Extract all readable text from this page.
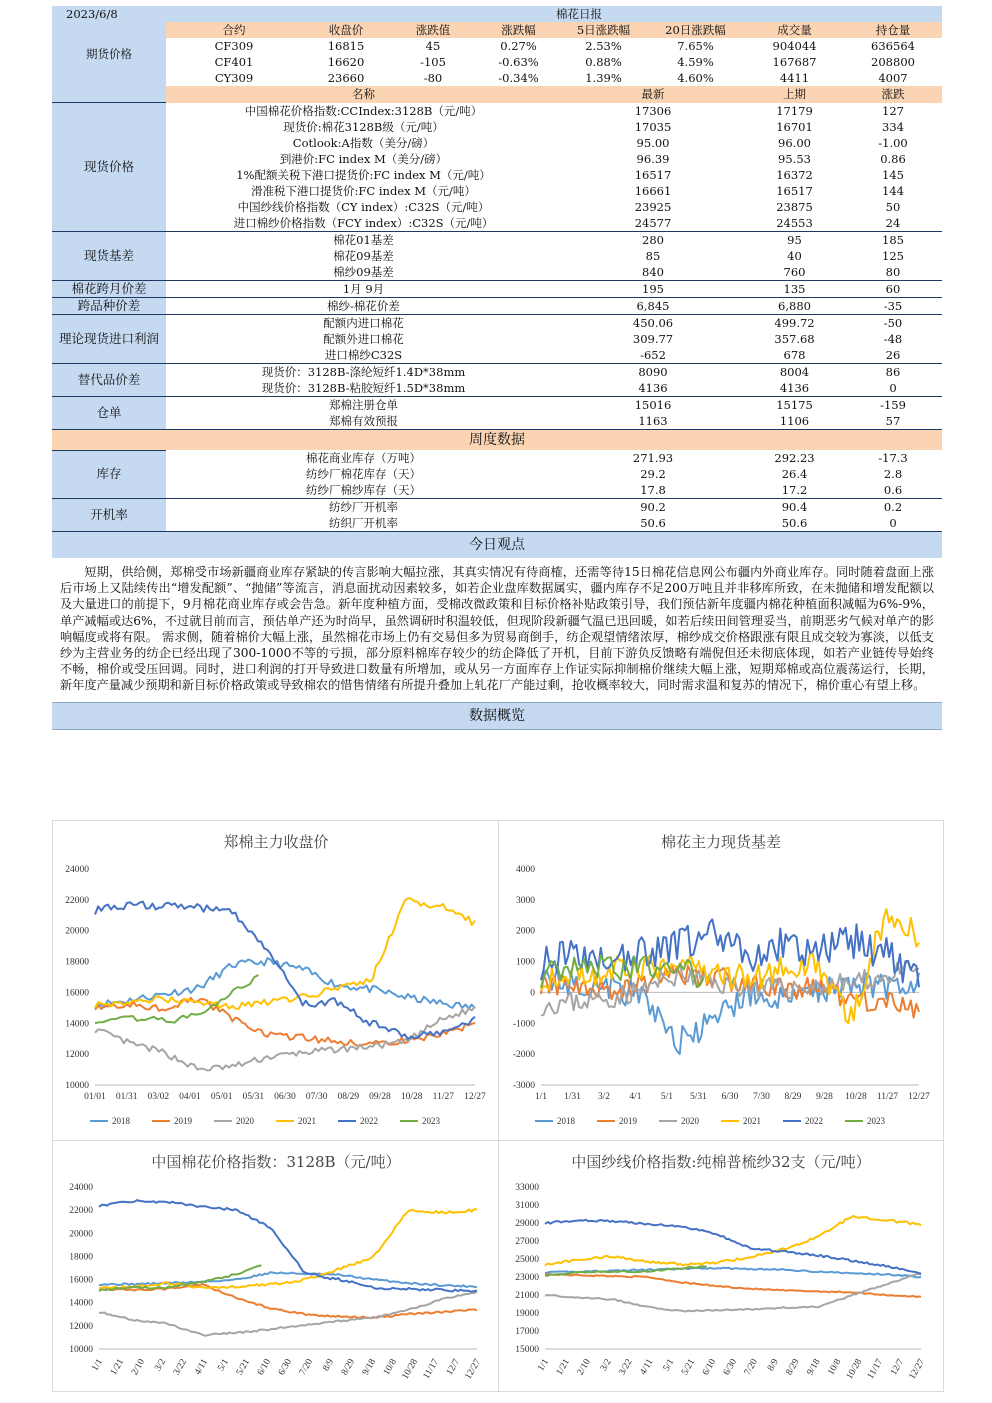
2023/6/8		棉花日报								
期货价格	合约		收盘价	涨跌值	涨跌幅	5日涨跌幅	20日涨跌幅	成交量	持仓量	
	CF309		16815	45	0.27%	2.53%	7.65%	904044	636564	
	CF401		16620	-105	-0.63%	0.88%	4.59%	167687	208800	
	CY309		23660	-80	-0.34%	1.39%	4.60%	4411	4007	
	名称					最新		上期	涨跌	
现货价格	中国棉花价格指数:CCIndex:3128B（元/吨）					17306		17179	127	
	现货价:棉花3128B级（元/吨）					17035		16701	334	
	Cotlook:A指数（美分/磅）					95.00		96.00	-1.00	
	到港价:FC index M（美分/磅）					96.39		95.53	0.86	
	1%配额关税下港口提货价:FC index M（元/吨）					16517		16372	145	
	滑准税下港口提货价:FC index M（元/吨）					16661		16517	144	
	中国纱线价格指数（CY index）:C32S（元/吨）					23925		23875	50	
	进口棉纱价格指数（FCY index）:C32S（元/吨）					24577		24553	24	
现货基差	棉花01基差					280		95	185	
	棉花09基差					85		40	125	
	棉纱09基差					840		760	80	
棉花跨月价差	1月 9月					195		135	60	
跨品种价差	棉纱-棉花价差					6,845		6,880	-35	
理论现货进口利润	配额内进口棉花					450.06		499.72	-50	
	配额外进口棉花					309.77		357.68	-48	
	进口棉纱C32S					-652		678	26	
替代品价差	现货价：3128B-涤纶短纤1.4D*38mm					8090		8004	86	
	现货价：3128B-粘胶短纤1.5D*38mm					4136		4136	0	
仓单	郑棉注册仓单					15016		15175	-159	
	郑棉有效预报					1163		1106	57	
周度数据										
库存	棉花商业库存（万吨）					271.93		292.23	-17.3	
	纺纱厂棉花库存（天）					29.2		26.4	2.8	
	纺纱厂棉纱库存（天）					17.8		17.2	0.6	
开机率	纺纱厂开机率					90.2		90.4	0.2	
	纺织厂开机率					50.6		50.6	0	
今日观点
短期，供给侧，郑棉受市场新疆商业库存紧缺的传言影响大幅拉涨，其真实情况有待商榷，还需等待15日棉花信息网公布疆内外商业库存。同时随着盘面上涨后市场上又陆续传出“增发配额”、“抛储”等流言，消息面扰动因素较多，如若企业盘库数据属实，疆内库存不足200万吨且并非移库所致，在未抛储和增发配额以及大量进口的前提下，9月棉花商业库存或会告急。新年度种植方面，受棉改微政策和目标价格补贴政策引导，我们预估新年度疆内棉花种植面积减幅为6%-9%，单产减幅或达6%，不过就目前而言，预估单产还为时尚早，虽然调研时积温较低，但现阶段新疆气温已迅回暖，如若后续田间管理妥当，前期恶劣气候对单产的影响幅度或将有限。 需求侧，随着棉价大幅上涨，虽然棉花市场上仍有交易但多为贸易商倒手，纺企观望情绪浓厚，棉纱成交价格跟涨有限且成交较为寡淡，以低支纱为主营业务的纺企已经出现了300-1000不等的亏损，部分原料棉库存较少的纺企降低了开机，目前下游负反馈略有端倪但还未彻底体现，如若产业链传导始终不畅，棉价或受压回调。同时，进口利润的打开导致进口数量有所增加，或从另一方面库存上作证实际抑制棉价继续大幅上涨，短期郑棉或高位震荡运行，长期，新年度产量减少预期和新目标价格政策或导致棉农的惜售情绪有所提升叠加上轧花厂产能过剩，抢收概率较大，同时需求温和复苏的情况下，棉价重心有望上移。
数据概览
郑棉主力收盘价
24000
22000
20000
18000
16000
14000
12000
10000
01/01 01/31 03/02 04/01 05/01 05/31 06/30 07/30 08/29 09/28 10/28 11/27 12/27
2018	2019	2020	2021	2022	2023
棉花主力现货基差
4000
3000
2000
1000
0
-1000
-2000
-3000
1/1 1/31 3/2 4/1 5/1 5/31 6/30 7/30 8/29 9/28 10/28 11/27 12/27
2018	2019	2020	2021	2022	2023
中国棉花价格指数：3128B（元/吨）
24000
22000
20000
18000
16000
14000
12000
10000
1/1 1/21 2/10 3/2 3/22 4/11 5/1 5/21 6/10 6/30 7/20 8/9 8/29 9/18 10/8 10/28 11/17 12/7 12/27
中国纱线价格指数:纯棉普梳纱32支（元/吨）
33000
31000
29000
27000
25000
23000
21000
19000
17000
15000
1/1 1/21 2/10 3/2 3/22 4/11 5/1 5/21 6/10 6/30 7/20 8/9 8/29 9/18 10/8 10/28 11/17 12/7 12/27
